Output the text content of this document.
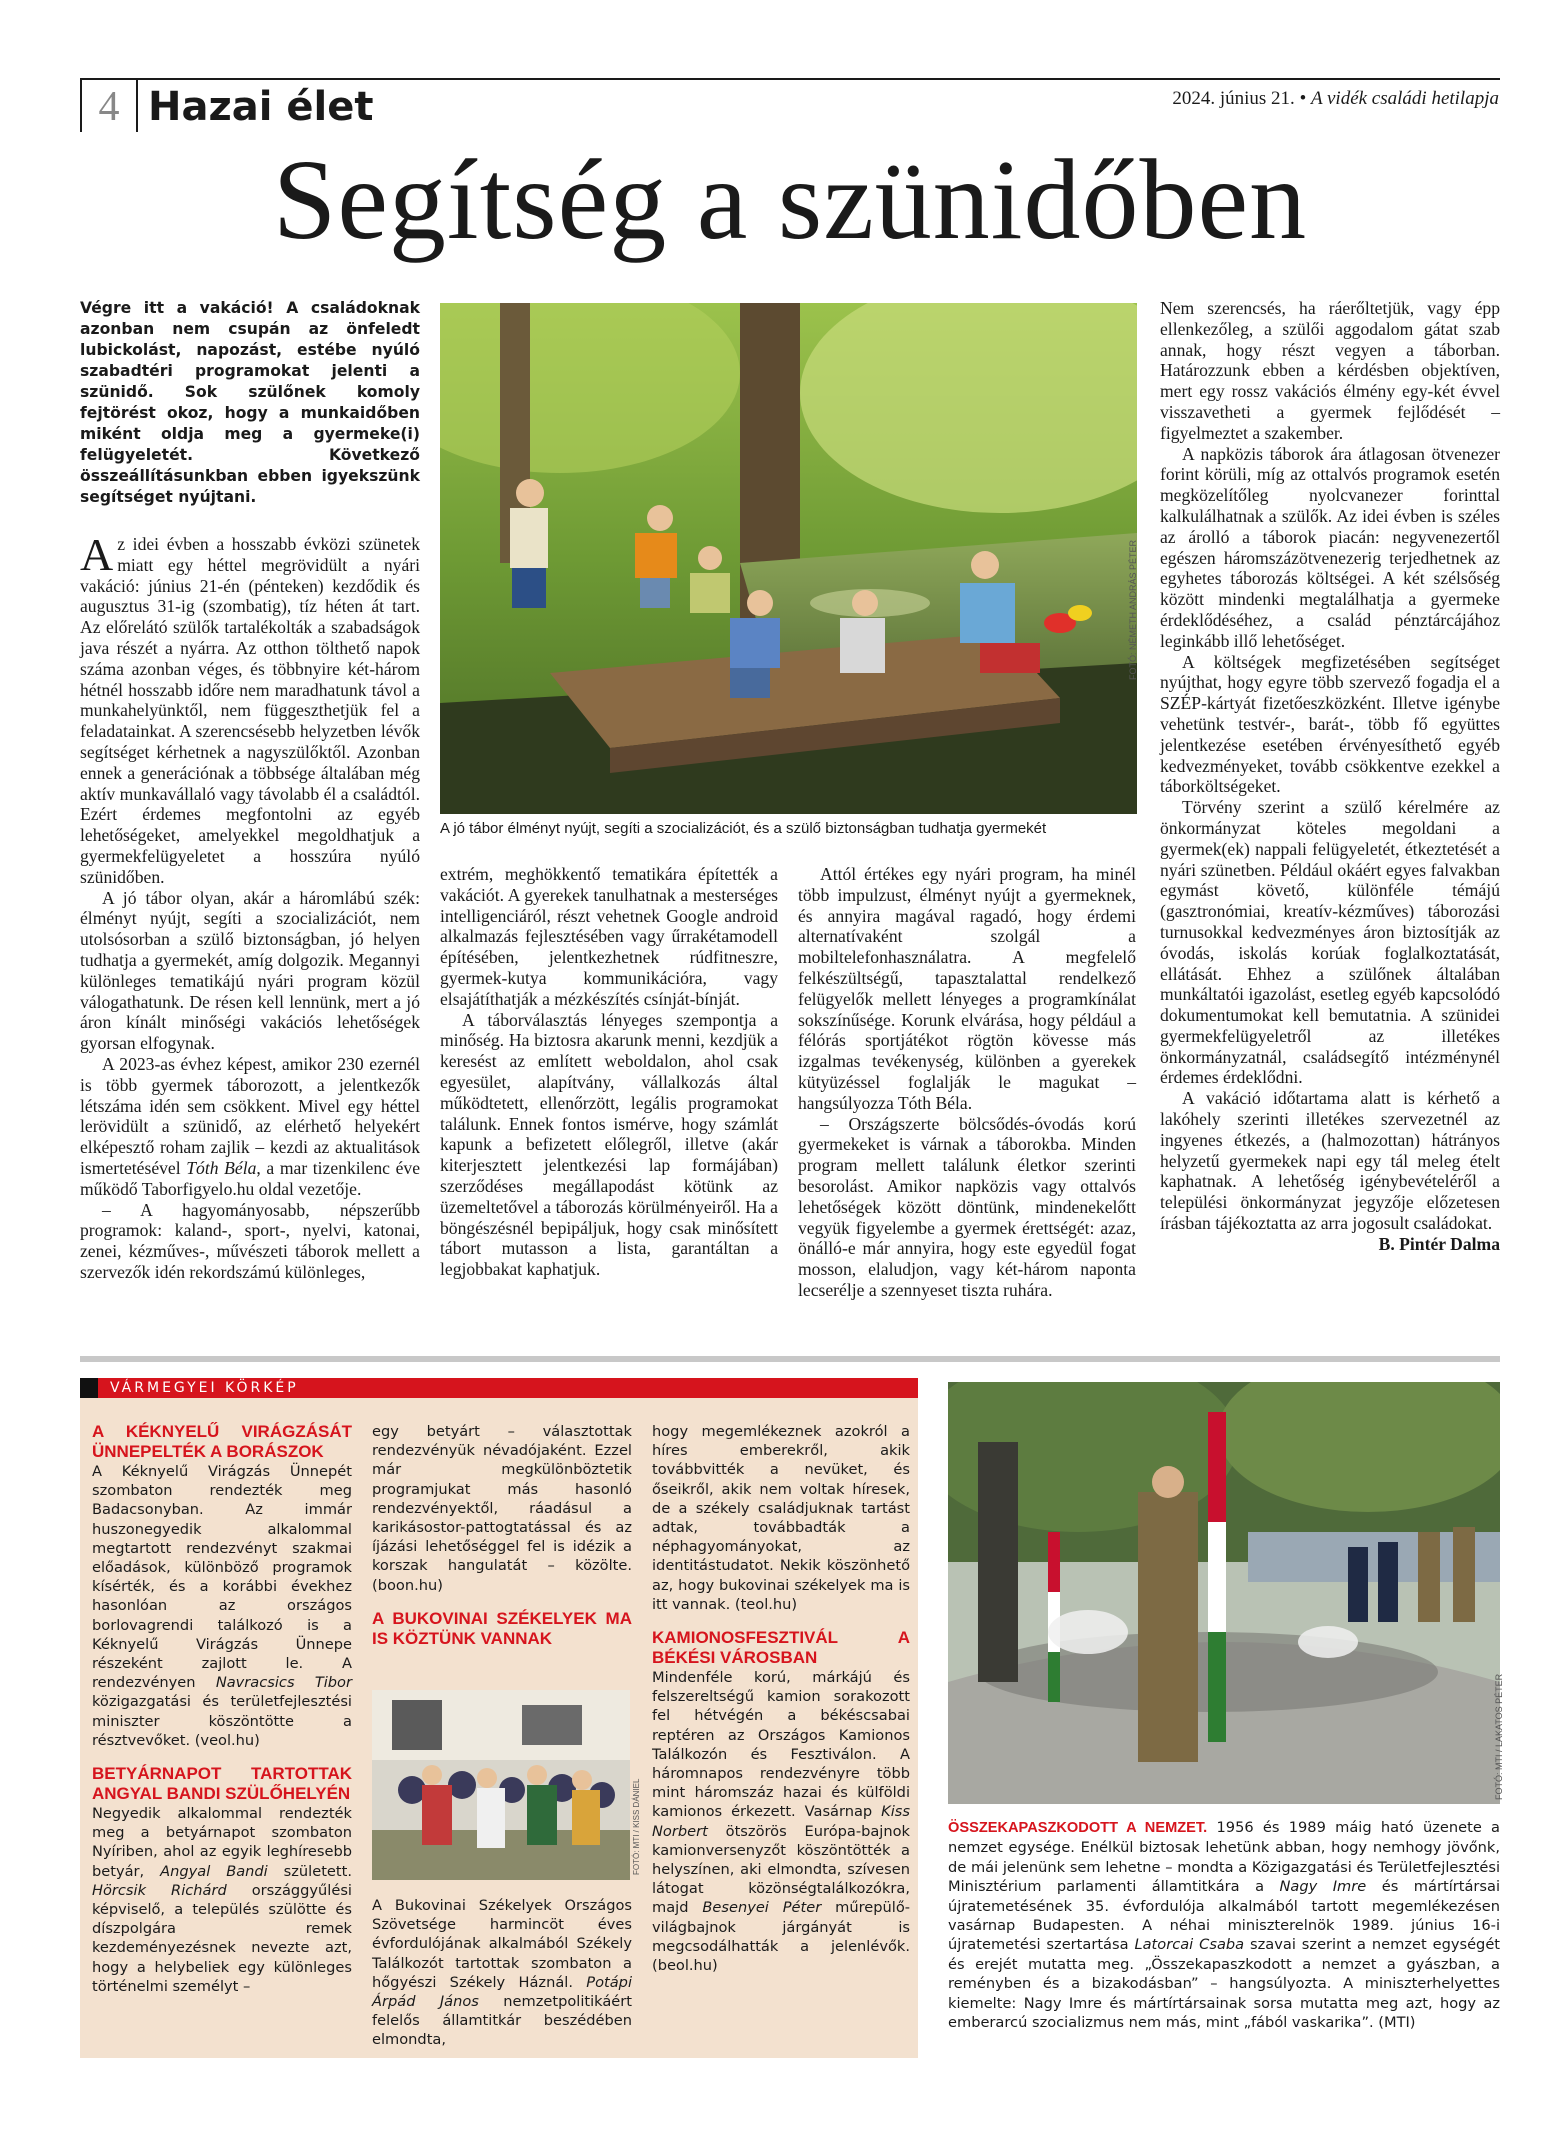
4 Hazai élet	2024. június 21. • A vidék családi hetilapja
Segítség a szünidőben

Végre itt a vakáció! A családoknak azonban nem csupán az önfeledt lubickolást, napozást, estébe nyúló szabadtéri programokat jelenti a szünidő. Sok szülőnek komoly fejtörést okoz, hogy a munkaidőben miként oldja meg a gyermeke(i) felügyeletét. Következő összeállításunkban ebben igyekszünk segítséget nyújtani.

Az idei évben a hosszabb évközi szünetek miatt egy héttel megrövidült a nyári vakáció: június 21-én (pénteken) kezdődik és augusztus 31-ig (szombatig), tíz héten át tart. Az előrelátó szülők tartalékolták a szabadságok java részét a nyárra. Az otthon tölthető napok száma azonban véges, és többnyire két-három hétnél hosszabb időre nem maradhatunk távol a munkahelyünktől, nem függeszthetjük fel a feladatainkat. A szerencsésebb helyzetben lévők segítséget kérhetnek a nagyszülőktől. Azonban ennek a generációnak a többsége általában még aktív munkavállaló vagy távolabb él a családtól. Ezért érdemes megfontolni az egyéb lehetőségeket, amelyekkel megoldhatjuk a gyermekfelügyeletet a hosszúra nyúló szünidőben.

A jó tábor olyan, akár a háromlábú szék: élményt nyújt, segíti a szocializációt, nem utolsósorban a szülő biztonságban, jó helyen tudhatja a gyermekét, amíg dolgozik. Megannyi különleges tematikájú nyári program közül válogathatunk. De résen kell lennünk, mert a jó áron kínált minőségi vakációs lehetőségek gyorsan elfogynak.

A 2023-as évhez képest, amikor 230 ezernél is több gyermek táborozott, a jelentkezők létszáma idén sem csökkent. Mivel egy héttel lerövidült a szünidő, az elérhető helyekért elképesztő roham zajlik – kezdi az aktualitások ismertetésével Tóth Béla, a mar tizenkilenc éve működő Taborfigyelo.hu oldal vezetője.

– A hagyományosabb, népszerűbb programok: kaland-, sport-, nyelvi, katonai, zenei, kézműves-, művészeti táborok mellett a szervezők idén rekordszámú különleges,

FOTÓ: NÉMETH ANDRÁS PÉTER
A jó tábor élményt nyújt, segíti a szocializációt, és a szülő biztonságban tudhatja gyermekét

extrém, meghökkentő tematikára építették a vakációt. A gyerekek tanulhatnak a mesterséges intelligenciáról, részt vehetnek Google android alkalmazás fejlesztésében vagy űrrakétamodell építésében, jelentkezhetnek rúdfitneszre, gyermek-kutya kommunikációra, vagy elsajátíthatják a mézkészítés csínját-bínját.

A táborválasztás lényeges szempontja a minőség. Ha biztosra akarunk menni, kezdjük a keresést az említett weboldalon, ahol csak egyesület, alapítvány, vállalkozás által működtetett, ellenőrzött, legális programokat találunk. Ennek fontos ismérve, hogy számlát kapunk a befizetett előlegről, illetve (akár kiterjesztett jelentkezési lap formájában) szerződéses megállapodást kötünk az üzemeltetővel a táborozás körülményeiről. Ha a böngészésnél bepipáljuk, hogy csak minősített tábort mutasson a lista, garantáltan a legjobbakat kaphatjuk.

Attól értékes egy nyári program, ha minél több impulzust, élményt nyújt a gyermeknek, és annyira magával ragadó, hogy érdemi alternatívaként szolgál a mobiltelefonhasználatra. A megfelelő felkészültségű, tapasztalattal rendelkező felügyelők mellett lényeges a programkínálat sokszínűsége. Korunk elvárása, hogy például a félórás sportjátékot rögtön kövesse más izgalmas tevékenység, különben a gyerekek kütyüzéssel foglalják le magukat – hangsúlyozza Tóth Béla.

– Országszerte bölcsődés-óvodás korú gyermekeket is várnak a táborokba. Minden program mellett találunk életkor szerinti besorolást. Amikor napközis vagy ottalvós lehetőségek között döntünk, mindenekelőtt vegyük figyelembe a gyermek érettségét: azaz, önálló-e már annyira, hogy este egyedül fogat mosson, elaludjon, vagy két-három naponta lecserélje a szennyeset tiszta ruhára.

Nem szerencsés, ha ráerőltetjük, vagy épp ellenkezőleg, a szülői aggodalom gátat szab annak, hogy részt vegyen a táborban. Határozzunk ebben a kérdésben objektíven, mert egy rossz vakációs élmény egy-két évvel visszavetheti a gyermek fejlődését – figyelmeztet a szakember.

A napközis táborok ára átlagosan ötvenezer forint körüli, míg az ottalvós programok esetén megközelítőleg nyolcvanezer forinttal kalkulálhatnak a szülők. Az idei évben is széles az árolló a táborok piacán: negyvenezertől egészen háromszázötvenezerig terjedhetnek az egyhetes táborozás költségei. A két szélsőség között mindenki megtalálhatja a gyermeke érdeklődéséhez, a család pénztárcájához leginkább illő lehetőséget.

A költségek megfizetésében segítséget nyújthat, hogy egyre több szervező fogadja el a SZÉP-kártyát fizetőeszközként. Illetve igénybe vehetünk testvér-, barát-, több fő együttes jelentkezése esetében érvényesíthető egyéb kedvezményeket, tovább csökkentve ezekkel a táborköltségeket.

Törvény szerint a szülő kérelmére az önkormányzat köteles megoldani a gyermek(ek) nappali felügyeletét, étkeztetését a nyári szünetben. Például okáért egyes falvakban egymást követő, különféle témájú (gasztronómiai, kreatív-kézműves) táborozási turnusokkal kedvezményes áron biztosítják az óvodás, iskolás korúak foglalkoztatását, ellátását. Ehhez a szülőnek általában munkáltatói igazolást, esetleg egyéb kapcsolódó dokumentumokat kell bemutatnia. A szünidei gyermekfelügyeletről az illetékes önkormányzatnál, családsegítő intézménynél érdemes érdeklődni.

A vakáció időtartama alatt is kérhető a lakóhely szerinti illetékes szervezetnél az ingyenes étkezés, a (halmozottan) hátrányos helyzetű gyermekek napi egy tál meleg ételt kaphatnak. A lehetőség igénybevételéről a települési önkormányzat jegyzője előzetesen írásban tájékoztatta az arra jogosult családokat.

B. Pintér Dalma

VÁRMEGYEI KÖRKÉP

A KÉKNYELŰ VIRÁGZÁSÁT ÜNNEPELTÉK A BORÁSZOK

A Kéknyelű Virágzás Ünnepét szombaton rendezték meg Badacsonyban. Az immár huszonegyedik alkalommal megtartott rendezvényt szakmai előadások, különböző programok kísérték, és a korábbi évekhez hasonlóan az országos borlovagrendi találkozó is a Kéknyelű Virágzás Ünnepe részeként zajlott le. A rendezvényen Navracsics Tibor közigazgatási és területfejlesztési miniszter köszöntötte a résztvevőket. (veol.hu)

BETYÁRNAPOT TARTOTTAK ANGYAL BANDI SZÜLŐHELYÉN

Negyedik alkalommal rendezték meg a betyárnapot szombaton Nyíriben, ahol az egyik leghíresebb betyár, Angyal Bandi született. Hörcsik Richárd országgyűlési képviselő, a település szülötte és díszpolgára remek kezdeményezésnek nevezte azt, hogy a helybeliek egy különleges történelmi személyt –

egy betyárt – választottak rendezvényük névadójaként. Ezzel már megkülönböztetik programjukat más hasonló rendezvényektől, ráadásul a karikásostor-pattogtatással és az íjázási lehetőséggel fel is idézik a korszak hangulatát – közölte. (boon.hu)

A BUKOVINAI SZÉKELYEK MA IS KÖZTÜNK VANNAK

FOTÓ: MTI / KISS DÁNIEL

A Bukovinai Székelyek Országos Szövetsége harmincöt éves évfordulójának alkalmából Székely Találkozót tartottak szombaton a hőgyészi Székely Háznál. Potápi Árpád János nemzetpolitikáért felelős államtitkár beszédében elmondta,

hogy megemlékeznek azokról a híres emberekről, akik továbbvitték a nevüket, és őseikről, akik nem voltak híresek, de a székely családjuknak tartást adtak, továbbadták a néphagyományokat, az identitástudatot. Nekik köszönhető az, hogy bukovinai székelyek ma is itt vannak. (teol.hu)

KAMIONOSFESZTIVÁL A BÉKÉSI VÁROSBAN

Mindenféle korú, márkájú és felszereltségű kamion sorakozott fel hétvégén a békéscsabai reptéren az Országos Kamionos Találkozón és Fesztiválon. A háromnapos rendezvényre több mint háromszáz hazai és külföldi kamionos érkezett. Vasárnap Kiss Norbert ötszörös Európa-bajnok kamionversenyzőt köszöntötték a helyszínen, aki elmondta, szívesen látogat közönségtalálkozókra, majd Besenyei Péter műrepülő-világbajnok járgányát is megcsodálhatták a jelenlévők. (beol.hu)

FOTÓ: MTI / LAKATOS PÉTER
ÖSSZEKAPASZKODOTT A NEMZET. 1956 és 1989 máig ható üzenete a nemzet egysége. Enélkül biztosak lehetünk abban, hogy nemhogy jövőnk, de mái jelenünk sem lehetne – mondta a Közigazgatási és Területfejlesztési Minisztérium parlamenti államtitkára a Nagy Imre és mártírtársai újratemetésének 35. évfordulója alkalmából tartott megemlékezésen vasárnap Budapesten. A néhai miniszterelnök 1989. június 16-i újratemetési szertartása Latorcai Csaba szavai szerint a nemzet egységét és erejét mutatta meg. „Összekapaszkodott a nemzet a gyászban, a reményben és a bizakodásban” – hangsúlyozta. A miniszterhelyettes kiemelte: Nagy Imre és mártírtársainak sorsa mutatta meg azt, hogy az emberarcú szocializmus nem más, mint „fából vaskarika”. (MTI)
